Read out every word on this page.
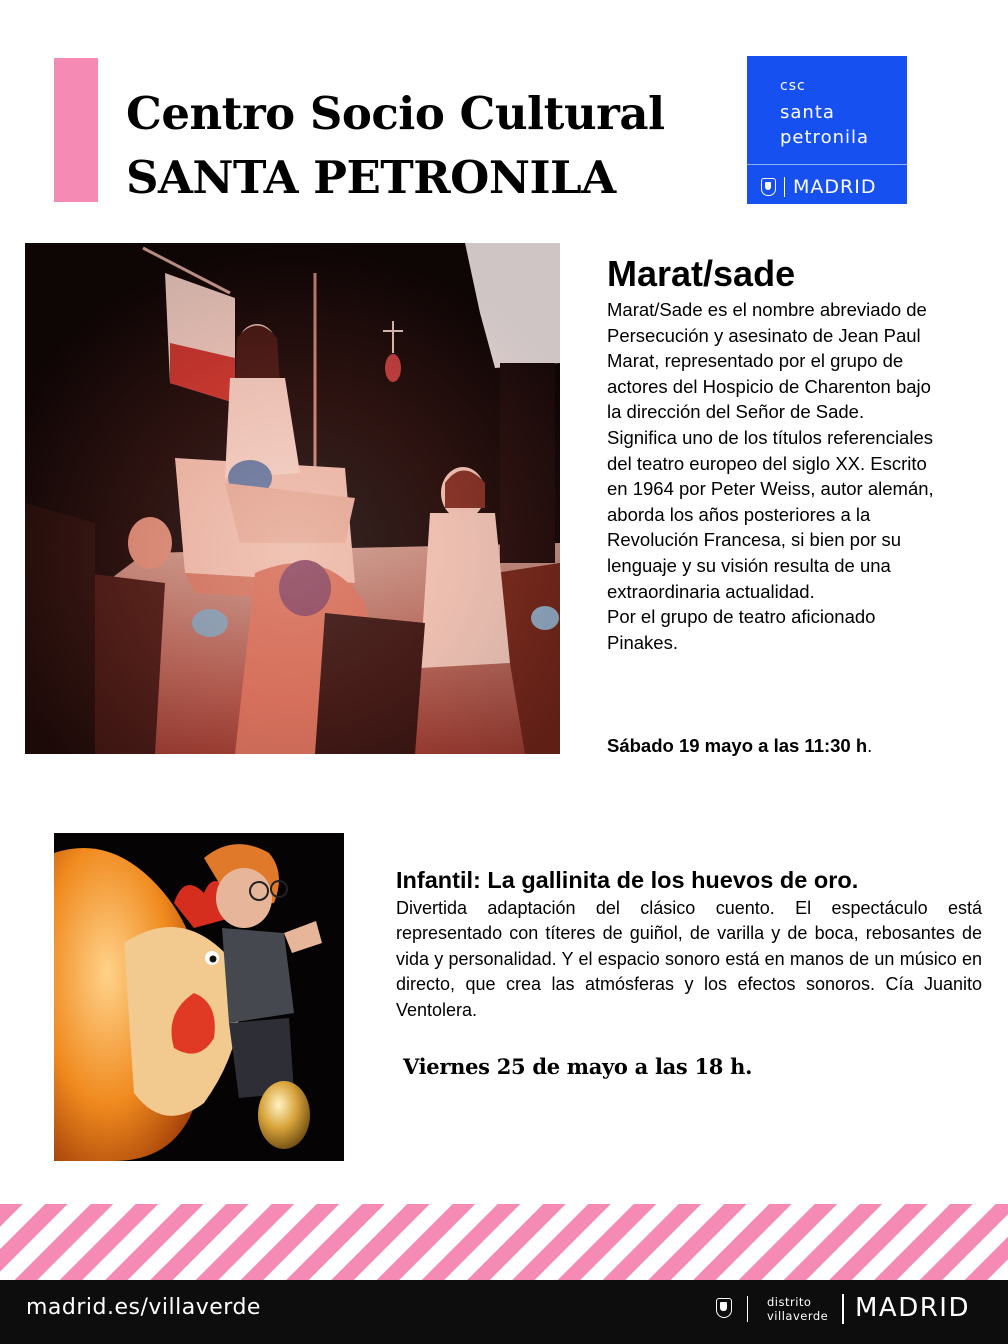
Centro Socio Cultural
SANTA PETRONILA
csc
santa
petronila
MADRID
Marat/sade
Marat/Sade es el nombre abreviado de Persecución y asesinato de Jean Paul Marat, representado por el grupo de actores del Hospicio de Charenton bajo la dirección del Señor de Sade. Significa uno de los títulos referenciales del teatro europeo del siglo XX. Escrito en 1964 por Peter Weiss, autor alemán, aborda los años posteriores a la Revolución Francesa, si bien por su lenguaje y su visión resulta de una extraordinaria actualidad.
Por el grupo de teatro aficionado Pinakes.
Sábado 19 mayo a las 11:30 h.
Infantil: La gallinita de los huevos de oro.
Divertida adaptación del clásico cuento. El espectáculo está representado con títeres de guiñol, de varilla y de boca, rebosantes de vida y personalidad. Y el espacio sonoro está en manos de un músico en directo, que crea las atmósferas y los efectos sonoros. Cía Juanito Ventolera.
Viernes 25 de mayo a las 18 h.
madrid.es/villaverde	distrito
villaverde MADRID
